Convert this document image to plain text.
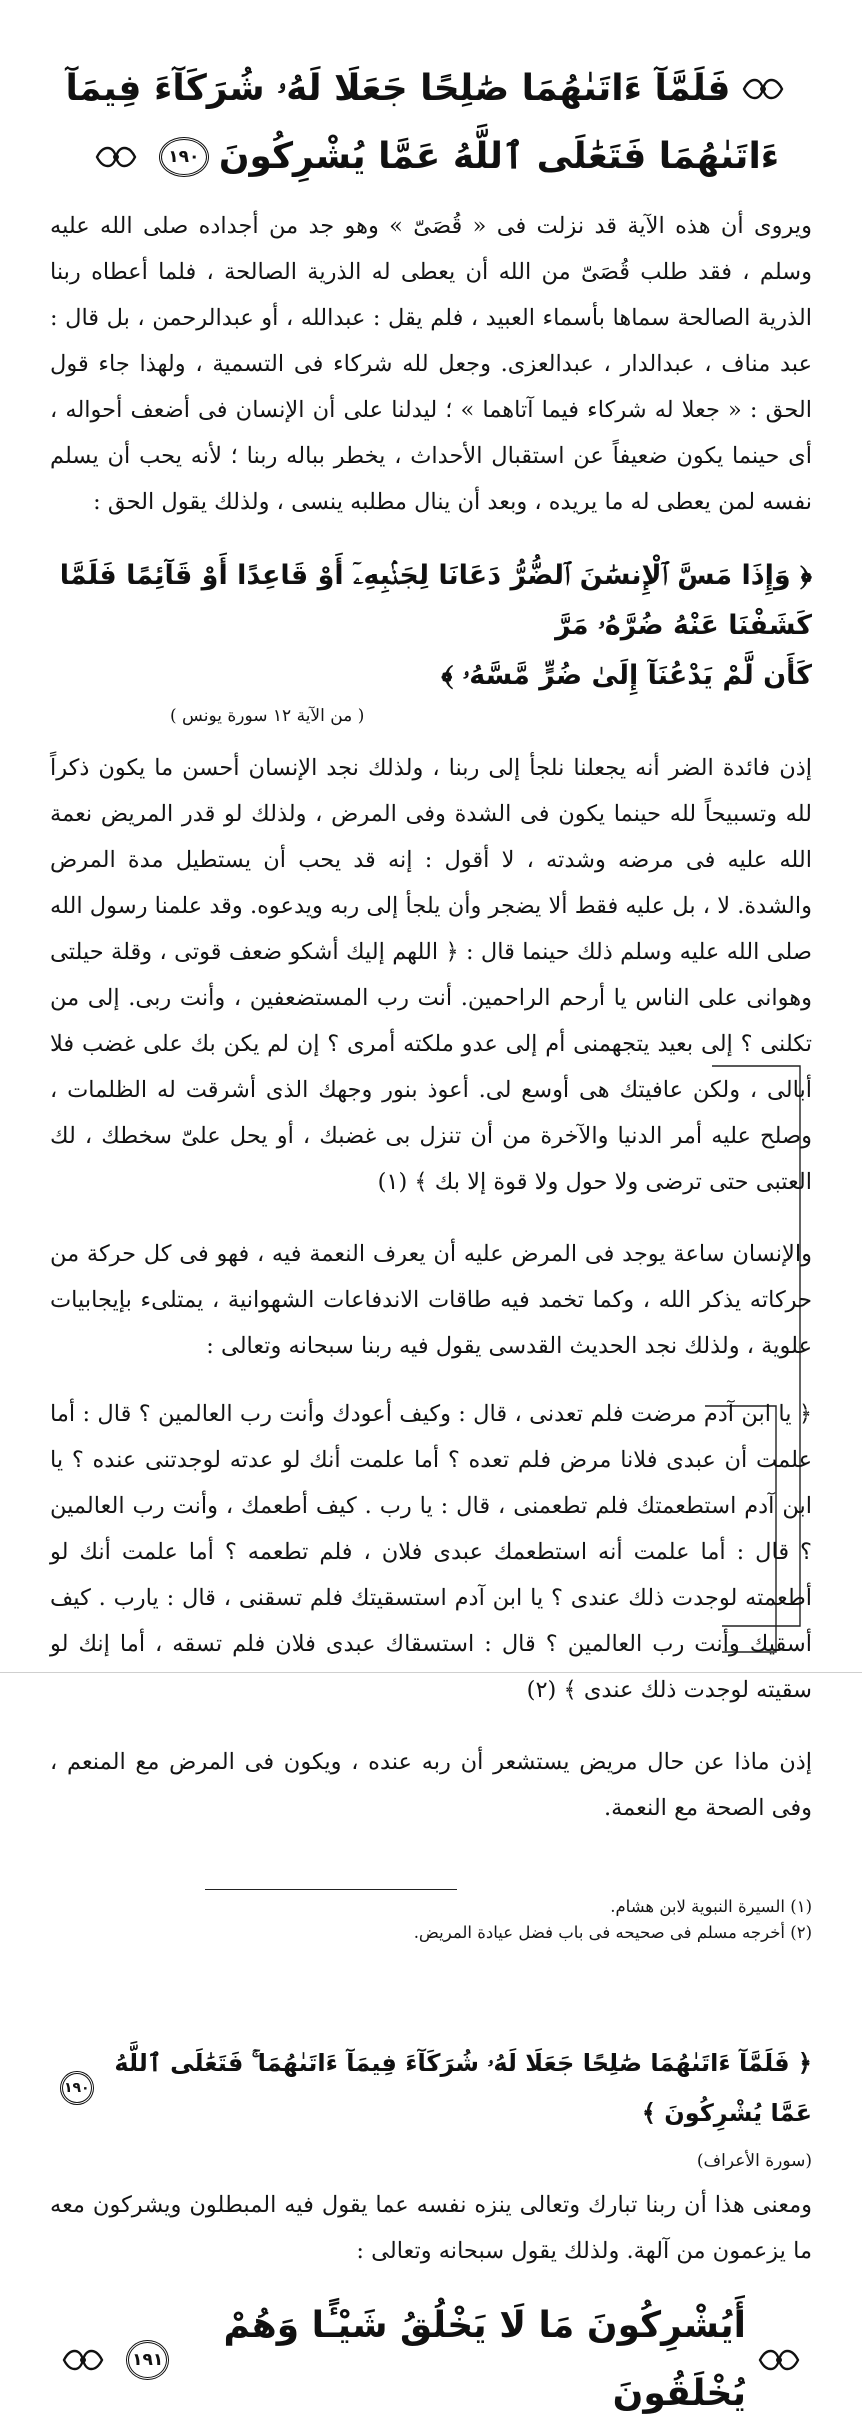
فَلَمَّآ ءَاتَىٰهُمَا صَٰلِحًا جَعَلَا لَهُۥ شُرَكَآءَ فِيمَآ
ءَاتَىٰهُمَا فَتَعَٰلَى ٱللَّهُ عَمَّا يُشْرِكُونَ
١٩٠

ويروى أن هذه الآية قد نزلت فى « قُصَىّ » وهو جد من أجداده صلى الله عليه وسلم ، فقد طلب قُصَىّ من الله أن يعطى له الذرية الصالحة ، فلما أعطاه ربنا الذرية الصالحة سماها بأسماء العبيد ، فلم يقل : عبدالله ، أو عبدالرحمن ، بل قال : عبد مناف ، عبدالدار ، عبدالعزى. وجعل لله شركاء فى التسمية ، ولهذا جاء قول الحق : « جعلا له شركاء فيما آتاهما » ؛ ليدلنا على أن الإنسان فى أضعف أحواله ، أى حينما يكون ضعيفاً عن استقبال الأحداث ، يخطر بباله ربنا ؛ لأنه يحب أن يسلم نفسه لمن يعطى له ما يريده ، وبعد أن ينال مطلبه ينسى ، ولذلك يقول الحق :

﴿ وَإِذَا مَسَّ ٱلْإِنسَٰنَ ٱلضُّرُّ دَعَانَا لِجَنۢبِهِۦٓ أَوْ قَاعِدًا أَوْ قَآئِمًا فَلَمَّا كَشَفْنَا عَنْهُ ضُرَّهُۥ مَرَّ
كَأَن لَّمْ يَدْعُنَآ إِلَىٰ ضُرٍّ مَّسَّهُۥ ﴾

( من الآية ١٢ سورة يونس )

إذن فائدة الضر أنه يجعلنا نلجأ إلى ربنا ، ولذلك نجد الإنسان أحسن ما يكون ذكراً لله وتسبيحاً لله حينما يكون فى الشدة وفى المرض ، ولذلك لو قدر المريض نعمة الله عليه فى مرضه وشدته ، لا أقول : إنه قد يحب أن يستطيل مدة المرض والشدة. لا ، بل عليه فقط ألا يضجر وأن يلجأ إلى ربه ويدعوه. وقد علمنا رسول الله صلى الله عليه وسلم ذلك حينما قال : ﴿ اللهم إليك أشكو ضعف قوتى ، وقلة حيلتى وهوانى على الناس يا أرحم الراحمين. أنت رب المستضعفين ، وأنت ربى. إلى من تكلنى ؟ إلى بعيد يتجهمنى أم إلى عدو ملكته أمرى ؟ إن لم يكن بك على غضب فلا أبالى ، ولكن عافيتك هى أوسع لى. أعوذ بنور وجهك الذى أشرقت له الظلمات ، وصلح عليه أمر الدنيا والآخرة من أن تنزل بى غضبك ، أو يحل علىّ سخطك ، لك العتبى حتى ترضى ولا حول ولا قوة إلا بك ﴾ (١)

والإنسان ساعة يوجد فى المرض عليه أن يعرف النعمة فيه ، فهو فى كل حركة من حركاته يذكر الله ، وكما تخمد فيه طاقات الاندفاعات الشهوانية ، يمتلىء بإيجابيات علوية ، ولذلك نجد الحديث القدسى يقول فيه ربنا سبحانه وتعالى :

﴿ يا ابن آدم مرضت فلم تعدنى ، قال : وكيف أعودك وأنت رب العالمين ؟ قال : أما علمت أن عبدى فلانا مرض فلم تعده ؟ أما علمت أنك لو عدته لوجدتنى عنده ؟ يا ابن آدم استطعمتك فلم تطعمنى ، قال : يا رب . كيف أطعمك ، وأنت رب العالمين ؟ قال : أما علمت أنه استطعمك عبدى فلان ، فلم تطعمه ؟ أما علمت أنك لو أطعمته لوجدت ذلك عندى ؟ يا ابن آدم استسقيتك فلم تسقنى ، قال : يارب . كيف أسقيك وأنت رب العالمين ؟ قال : استسقاك عبدى فلان فلم تسقه ، أما إنك لو سقيته لوجدت ذلك عندى ﴾ (٢)

إذن ماذا عن حال مريض يستشعر أن ربه عنده ، ويكون فى المرض مع المنعم ، وفى الصحة مع النعمة.

(١) السيرة النبوية لابن هشام.

(٢) أخرجه مسلم فى صحيحه فى باب فضل عيادة المريض.

﴿ فَلَمَّآ ءَاتَىٰهُمَا صَٰلِحًا جَعَلَا لَهُۥ شُرَكَآءَ فِيمَآ ءَاتَىٰهُمَا ۚ فَتَعَٰلَى ٱللَّهُ عَمَّا يُشْرِكُونَ ﴾
١٩٠

(سورة الأعراف)

ومعنى هذا أن ربنا تبارك وتعالى ينزه نفسه عما يقول فيه المبطلون ويشركون معه ما يزعمون من آلهة. ولذلك يقول سبحانه وتعالى :

أَيُشْرِكُونَ مَا لَا يَخْلُقُ شَيْـًٔا وَهُمْ يُخْلَقُونَ
١٩١
